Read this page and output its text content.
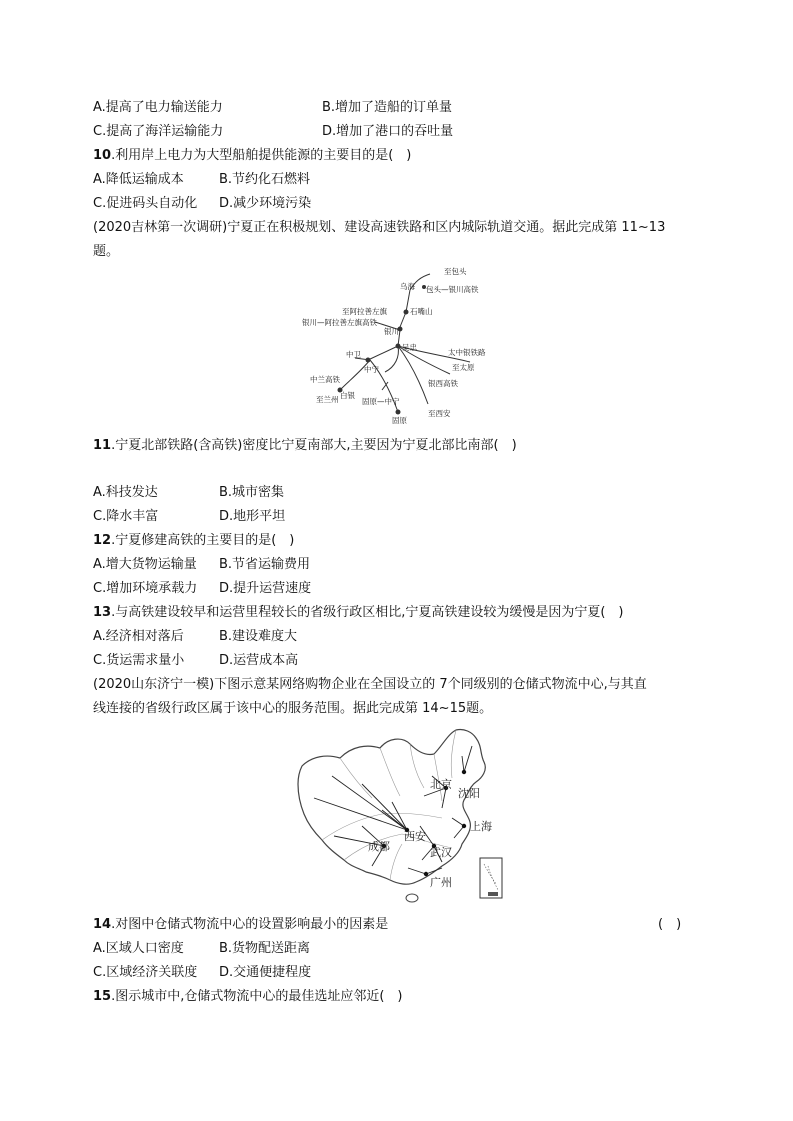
A.提高了电力输送能力	B.增加了造船的订单量
C.提高了海洋运输能力	D.增加了港口的吞吐量
10.利用岸上电力为大型船舶提供能源的主要目的是(　)
A.降低运输成本	B.节约化石燃料
C.促进码头自动化 D.减少环境污染
(2020吉林第一次调研)宁夏正在积极规划、建设高速铁路和区内城际轨道交通。据此完成第 11~13
题。
至包头
乌海 包头—银川高铁
至阿拉善左旗	石嘴山
银川—阿拉善左旗高铁
银川
吴忠
太中银铁路
至太原
中卫
中宁
中兰高铁
白银
至兰州
银西高铁
固原—中宁
至西安
固原
11.宁夏北部铁路(含高铁)密度比宁夏南部大,主要因为宁夏北部比南部(　)
A.科技发达	B.城市密集
C.降水丰富	D.地形平坦
12.宁夏修建高铁的主要目的是(　)
A.增大货物运输量 B.节省运输费用
C.增加环境承载力 D.提升运营速度
13.与高铁建设较早和运营里程较长的省级行政区相比,宁夏高铁建设较为缓慢是因为宁夏(　)
A.经济相对落后	B.建设难度大
C.货运需求量小	D.运营成本高
(2020山东济宁一模)下图示意某网络购物企业在全国设立的 7个同级别的仓储式物流中心,与其直
线连接的省级行政区属于该中心的服务范围。据此完成第 14~15题。
北京
沈阳
西安
上海
成都	武汉
广州
14.对图中仓储式物流中心的设置影响最小的因素是	(　)
A.区域人口密度	B.货物配送距离
C.区域经济关联度 D.交通便捷程度
15.图示城市中,仓储式物流中心的最佳选址应邻近(　)
